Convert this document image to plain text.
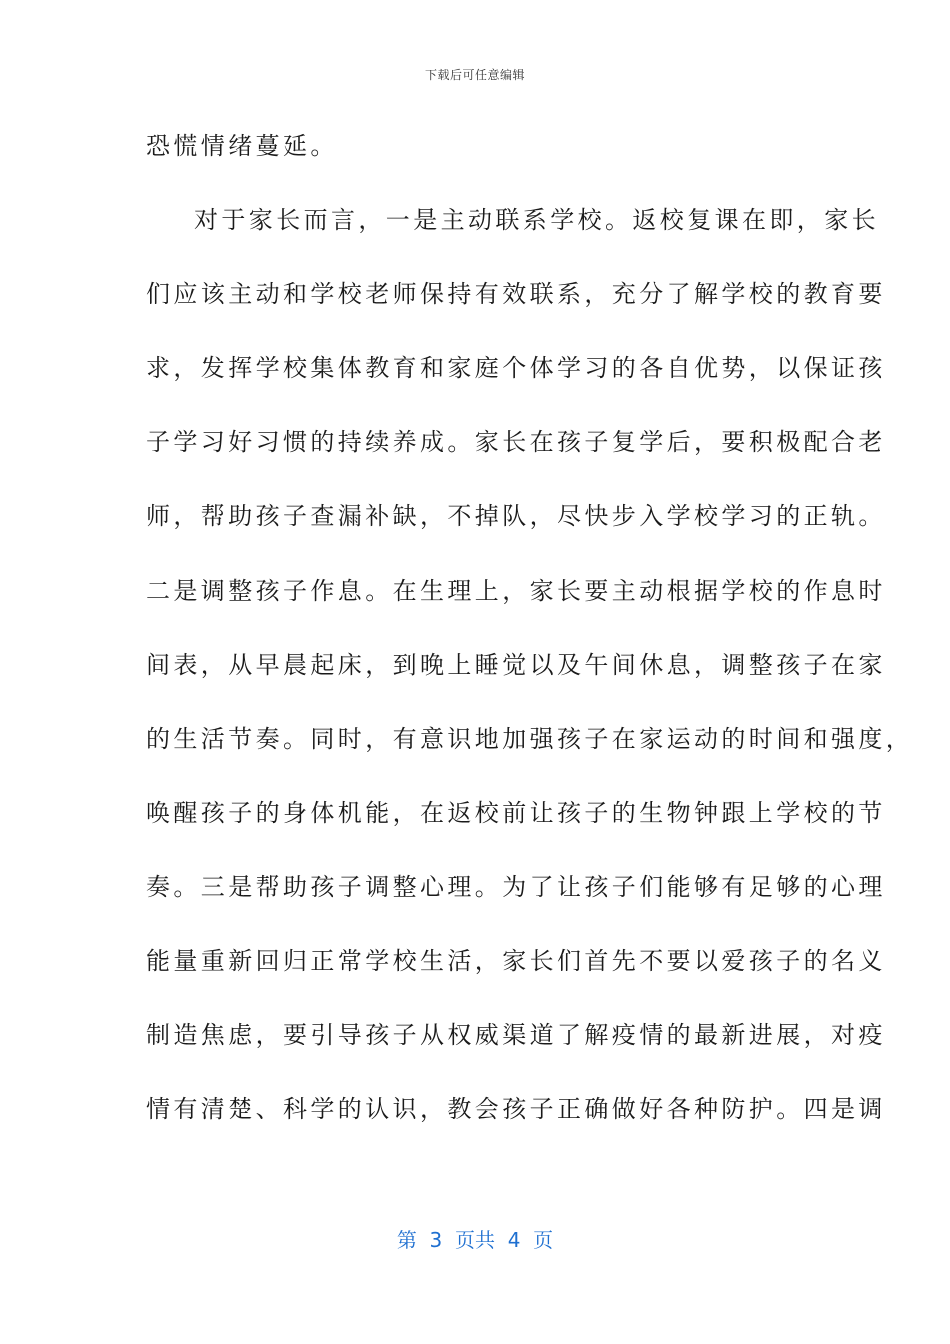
下载后可任意编辑
恐慌情绪蔓延。
对于家长而言，一是主动联系学校。返校复课在即，家长
们应该主动和学校老师保持有效联系，充分了解学校的教育要
求，发挥学校集体教育和家庭个体学习的各自优势，以保证孩
子学习好习惯的持续养成。家长在孩子复学后，要积极配合老
师，帮助孩子查漏补缺，不掉队，尽快步入学校学习的正轨。
二是调整孩子作息。在生理上，家长要主动根据学校的作息时
间表，从早晨起床，到晚上睡觉以及午间休息，调整孩子在家
的生活节奏。同时，有意识地加强孩子在家运动的时间和强度，
唤醒孩子的身体机能，在返校前让孩子的生物钟跟上学校的节
奏。三是帮助孩子调整心理。为了让孩子们能够有足够的心理
能量重新回归正常学校生活，家长们首先不要以爱孩子的名义
制造焦虑，要引导孩子从权威渠道了解疫情的最新进展，对疫
情有清楚、科学的认识，教会孩子正确做好各种防护。四是调
第  3  页共  4  页
